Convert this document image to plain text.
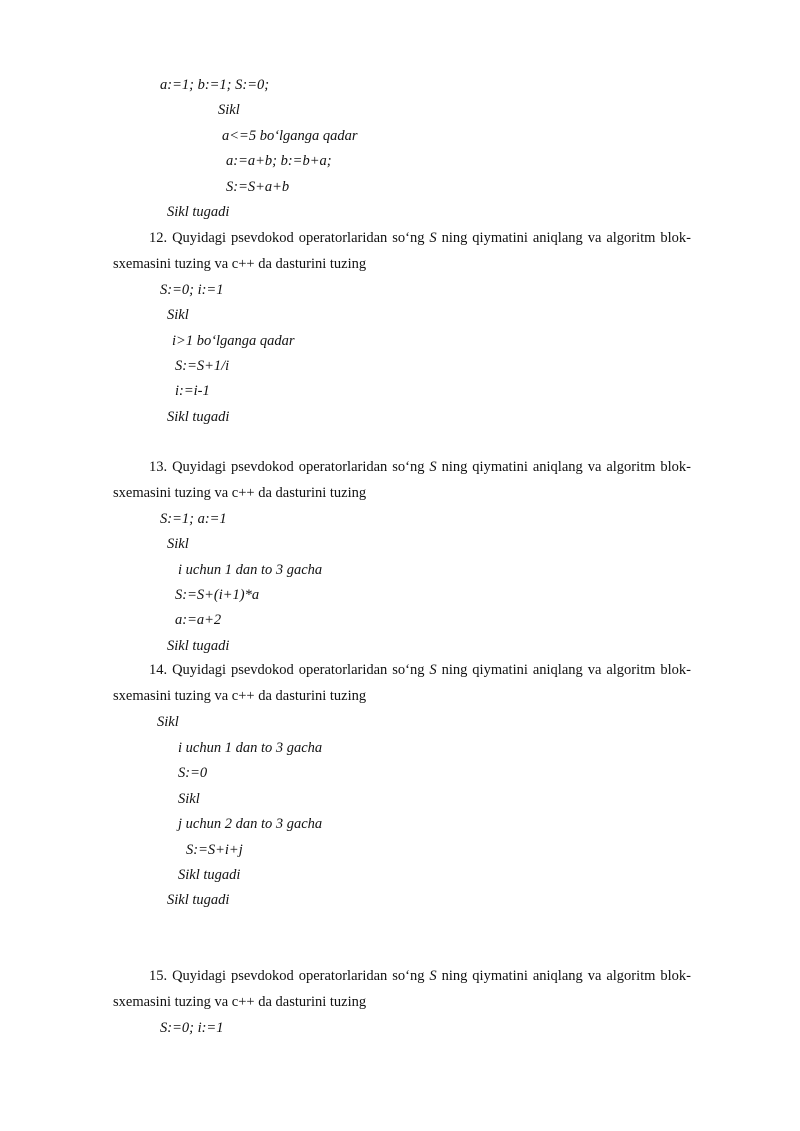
a:=1; b:=1; S:=0;
Sikl
a<=5 bo‘lganga qadar
a:=a+b; b:=b+a;
S:=S+a+b
Sikl tugadi

12. Quyidagi psevdokod operatorlaridan so‘ng S ning qiymatini aniqlang va algoritm blok-sxemasini tuzing va c++ da dasturini tuzing

S:=0; i:=1
Sikl
i>1 bo‘lganga qadar
S:=S+1/i
i:=i-1
Sikl tugadi

13. Quyidagi psevdokod operatorlaridan so‘ng S ning qiymatini aniqlang va algoritm blok-sxemasini tuzing va c++ da dasturini tuzing

S:=1; a:=1
Sikl
i uchun 1 dan to 3 gacha
S:=S+(i+1)*a
a:=a+2
Sikl tugadi

14. Quyidagi psevdokod operatorlaridan so‘ng S ning qiymatini aniqlang va algoritm blok-sxemasini tuzing va c++ da dasturini tuzing

Sikl
i uchun 1 dan to 3 gacha
S:=0
Sikl
j uchun 2 dan to 3 gacha
S:=S+i+j
Sikl tugadi
Sikl tugadi

15. Quyidagi psevdokod operatorlaridan so‘ng S ning qiymatini aniqlang va algoritm blok-sxemasini tuzing va c++ da dasturini tuzing

S:=0; i:=1
